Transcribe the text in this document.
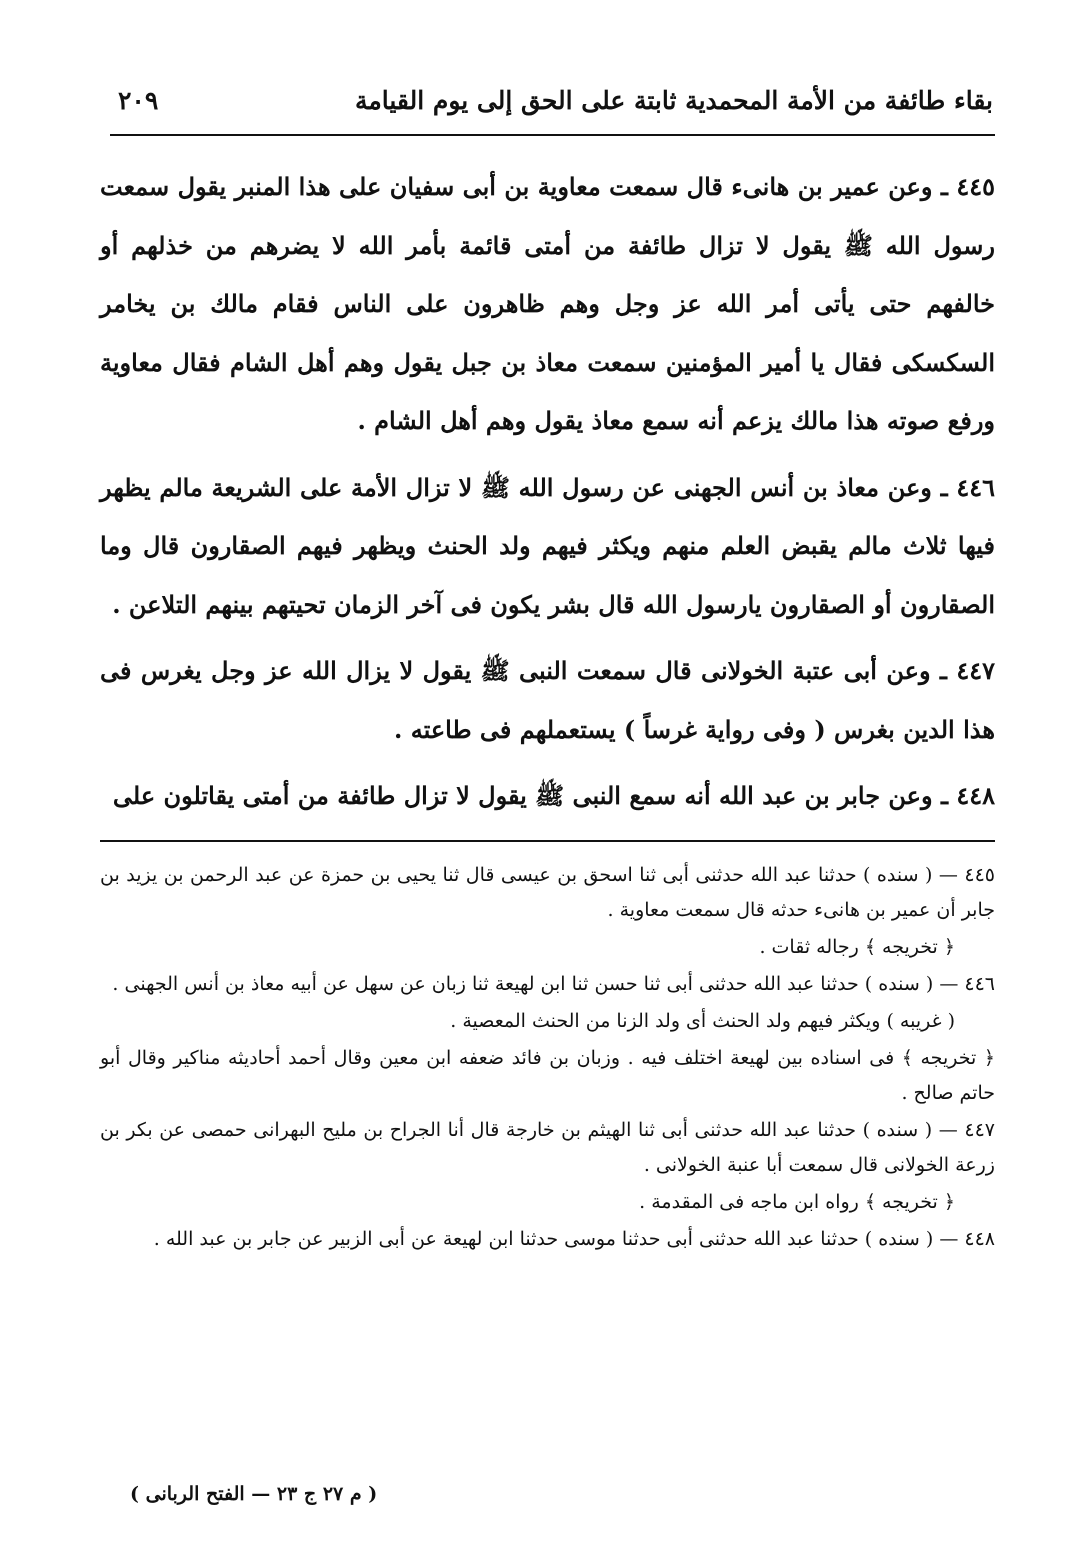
بقاء طائفة من الأمة المحمدية ثابتة على الحق إلى يوم القيامة
٢٠٩

٤٤٥ ـ وعن عمير بن هانىء قال سمعت معاوية بن أبى سفيان على هذا المنبر يقول سمعت رسول الله ﷺ يقول لا تزال طائفة من أمتى قائمة بأمر الله لا يضرهم من خذلهم أو خالفهم حتى يأتى أمر الله عز وجل وهم ظاهرون على الناس فقام مالك بن يخامر السكسكى فقال يا أمير المؤمنين سمعت معاذ بن جبل يقول وهم أهل الشام فقال معاوية ورفع صوته هذا مالك يزعم أنه سمع معاذ يقول وهم أهل الشام .

٤٤٦ ـ وعن معاذ بن أنس الجهنى عن رسول الله ﷺ لا تزال الأمة على الشريعة مالم يظهر فيها ثلاث مالم يقبض العلم منهم ويكثر فيهم ولد الحنث ويظهر فيهم الصقارون قال وما الصقارون أو الصقارون يارسول الله قال بشر يكون فى آخر الزمان تحيتهم بينهم التلاعن .

٤٤٧ ـ وعن أبى عتبة الخولانى قال سمعت النبى ﷺ يقول لا يزال الله عز وجل يغرس فى هذا الدين بغرس ( وفى رواية غرساً ) يستعملهم فى طاعته .

٤٤٨ ـ وعن جابر بن عبد الله أنه سمع النبى ﷺ يقول لا تزال طائفة من أمتى يقاتلون على

٤٤٥ — ( سنده ) حدثنا عبد الله حدثنى أبى ثنا اسحق بن عيسى قال ثنا يحيى بن حمزة عن عبد الرحمن بن يزيد بن جابر أن عمير بن هانىء حدثه قال سمعت معاوية .

﴿ تخريجه ﴾ رجاله ثقات .

٤٤٦ — ( سنده ) حدثنا عبد الله حدثنى أبى ثنا حسن ثنا ابن لهيعة ثنا زبان عن سهل عن أبيه معاذ بن أنس الجهنى .

( غريبه ) ويكثر فيهم ولد الحنث أى ولد الزنا من الحنث المعصية .

﴿ تخريجه ﴾ فى اسناده بين لهيعة اختلف فيه . وزبان بن فائد ضعفه ابن معين وقال أحمد أحاديثه مناكير وقال أبو حاتم صالح .

٤٤٧ — ( سنده ) حدثنا عبد الله حدثنى أبى ثنا الهيثم بن خارجة قال أنا الجراح بن مليح البهرانى حمصى عن بكر بن زرعة الخولانى قال سمعت أبا عنبة الخولانى .

﴿ تخريجه ﴾ رواه ابن ماجه فى المقدمة .

٤٤٨ — ( سنده ) حدثنا عبد الله حدثنى أبى حدثنا موسى حدثنا ابن لهيعة عن أبى الزبير عن جابر بن عبد الله .

( م ٢٧ ج ٢٣ — الفتح الربانى )
